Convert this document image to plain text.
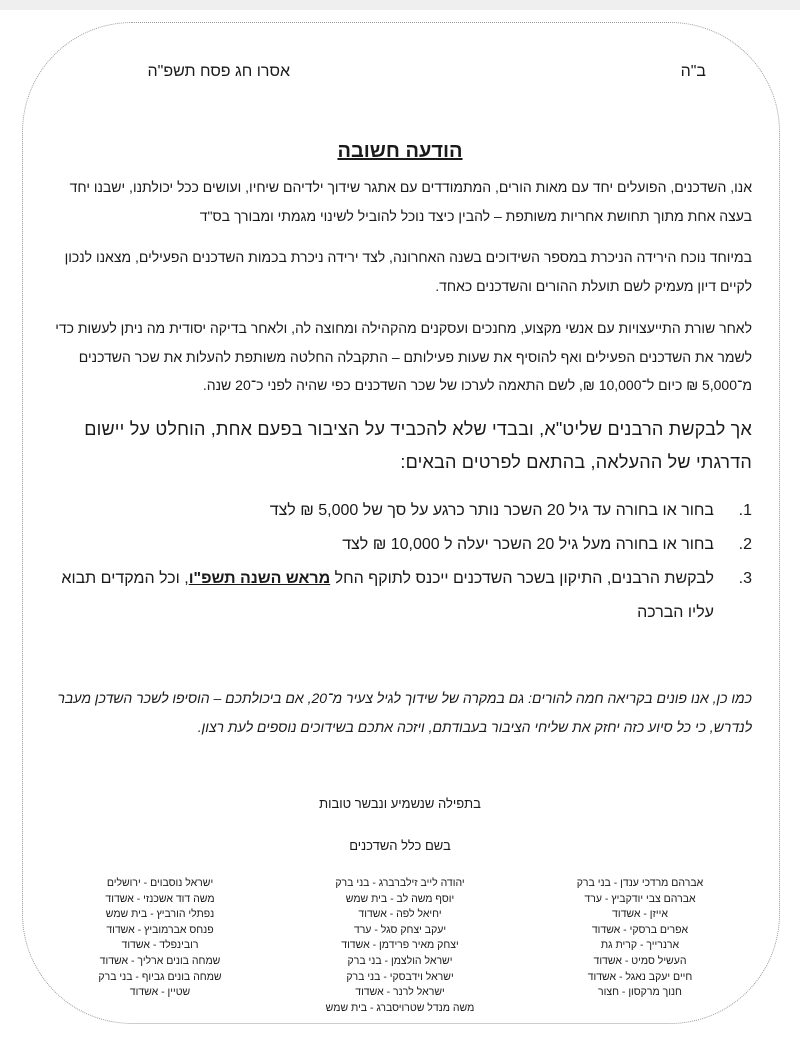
ב"ה
אסרו חג פסח תשפ"ה
הודעה חשובה
אנו, השדכנים, הפועלים יחד עם מאות הורים, המתמודדים עם אתגר שידוך ילדיהם שיחיו, ועושים ככל יכולתנו, ישבנו יחד בעצה אחת מתוך תחושת אחריות משותפת – להבין כיצד נוכל להוביל לשינוי מגמתי ומבורך בס"ד
במיוחד נוכח הירידה הניכרת במספר השידוכים בשנה האחרונה, לצד ירידה ניכרת בכמות השדכנים הפעילים, מצאנו לנכון לקיים דיון מעמיק לשם תועלת ההורים והשדכנים כאחד.
לאחר שורת התייעצויות עם אנשי מקצוע, מחנכים ועסקנים מהקהילה ומחוצה לה, ולאחר בדיקה יסודית מה ניתן לעשות כדי לשמר את השדכנים הפעילים ואף להוסיף את שעות פעילותם – התקבלה החלטה משותפת להעלות את שכר השדכנים מ־5,000 ₪ כיום ל־10,000 ₪, לשם התאמה לערכו של שכר השדכנים כפי שהיה לפני כ־20 שנה.
אך לבקשת הרבנים שליט"א, ובבדי שלא להכביד על הציבור בפעם אחת, הוחלט על יישום הדרגתי של ההעלאה, בהתאם לפרטים הבאים:
1.
בחור או בחורה עד גיל 20 השכר נותר כרגע על סך של 5,000 ₪ לצד
2.
בחור או בחורה מעל גיל 20 השכר יעלה ל 10,000 ₪ לצד
3.
לבקשת הרבנים, התיקון בשכר השדכנים ייכנס לתוקף החל מראש השנה תשפ"ו, וכל המקדים תבוא עליו הברכה
כמו כן, אנו פונים בקריאה חמה להורים: גם במקרה של שידוך לגיל צעיר מ־20, אם ביכולתכם – הוסיפו לשכר השדכן מעבר לנדרש, כי כל סיוע כזה יחזק את שליחי הציבור בעבודתם, ויזכה אתכם בשידוכים נוספים לעת רצון.
בתפילה שנשמיע ונבשר טובות
בשם כלל השדכנים
אברהם מרדכי ענדן - בני ברק
אברהם צבי יודקביץ - ערד
אייזן - אשדוד
אפרים ברסקי - אשדוד
ארנרייך - קרית גת
העשיל סמיט - אשדוד
חיים יעקב נאגל - אשדוד
חנוך מרקסון - חצור
יהודה לייב זילברברג - בני ברק
יוסף משה לב - בית שמש
יחיאל לפה - אשדוד
יעקב יצחק סגל - ערד
יצחק מאיר פרידמן - אשדוד
ישראל הולצמן - בני ברק
ישראל וידבסקי - בני ברק
ישראל לרנר - אשדוד
משה מנדל שטרויסברג - בית שמש
ישראל נוסבוים - ירושלים
משה דוד אשכנזי - אשדוד
נפתלי הורביץ - בית שמש
פנחס אברמוביץ - אשדוד
רובינפלד - אשדוד
שמחה בונים ארליך - אשדוד
שמחה בונים גביוף - בני ברק
שטיין - אשדוד
